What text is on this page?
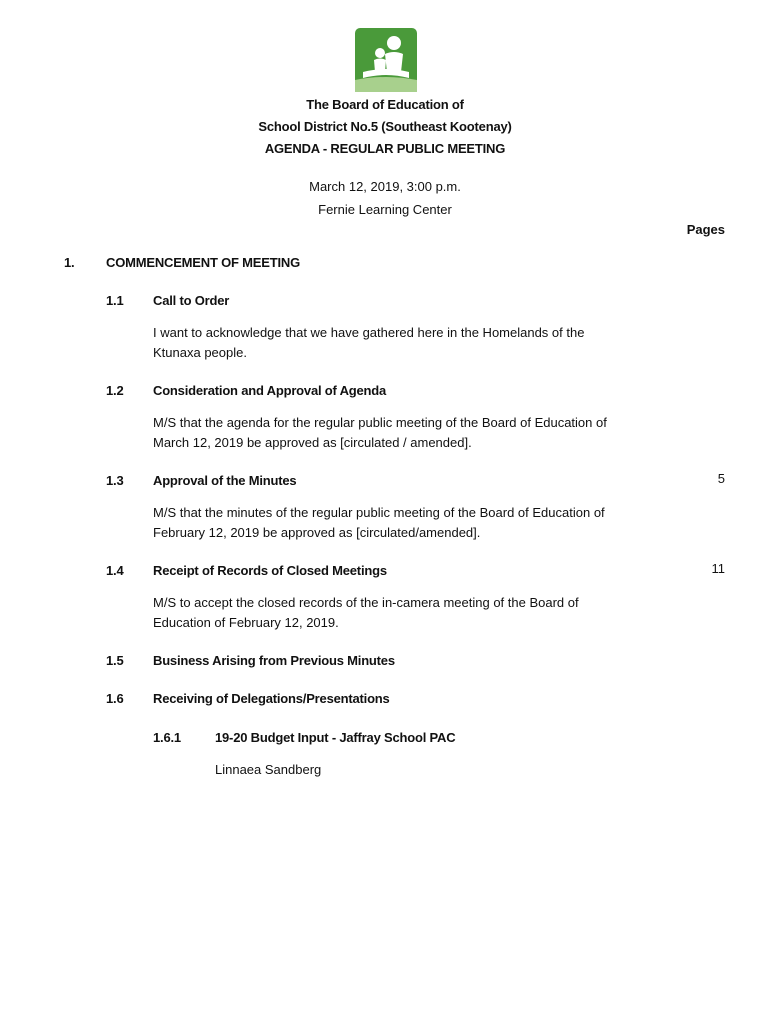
The Board of Education of
School District No.5 (Southeast Kootenay)
AGENDA - REGULAR PUBLIC MEETING
March 12, 2019, 3:00 p.m.
Fernie Learning Center
Pages
1. COMMENCEMENT OF MEETING
1.1 Call to Order
I want to acknowledge that we have gathered here in the Homelands of the Ktunaxa people.
1.2 Consideration and Approval of Agenda
M/S that the agenda for the regular public meeting of the Board of Education of March 12, 2019 be approved as [circulated / amended].
1.3 Approval of the Minutes	5
M/S that the minutes of the regular public meeting of the Board of Education of February 12, 2019 be approved as [circulated/amended].
1.4 Receipt of Records of Closed Meetings	11
M/S to accept the closed records of the in-camera meeting of the Board of Education of February 12, 2019.
1.5 Business Arising from Previous Minutes
1.6 Receiving of Delegations/Presentations
1.6.1	19-20 Budget Input - Jaffray School PAC
Linnaea Sandberg
